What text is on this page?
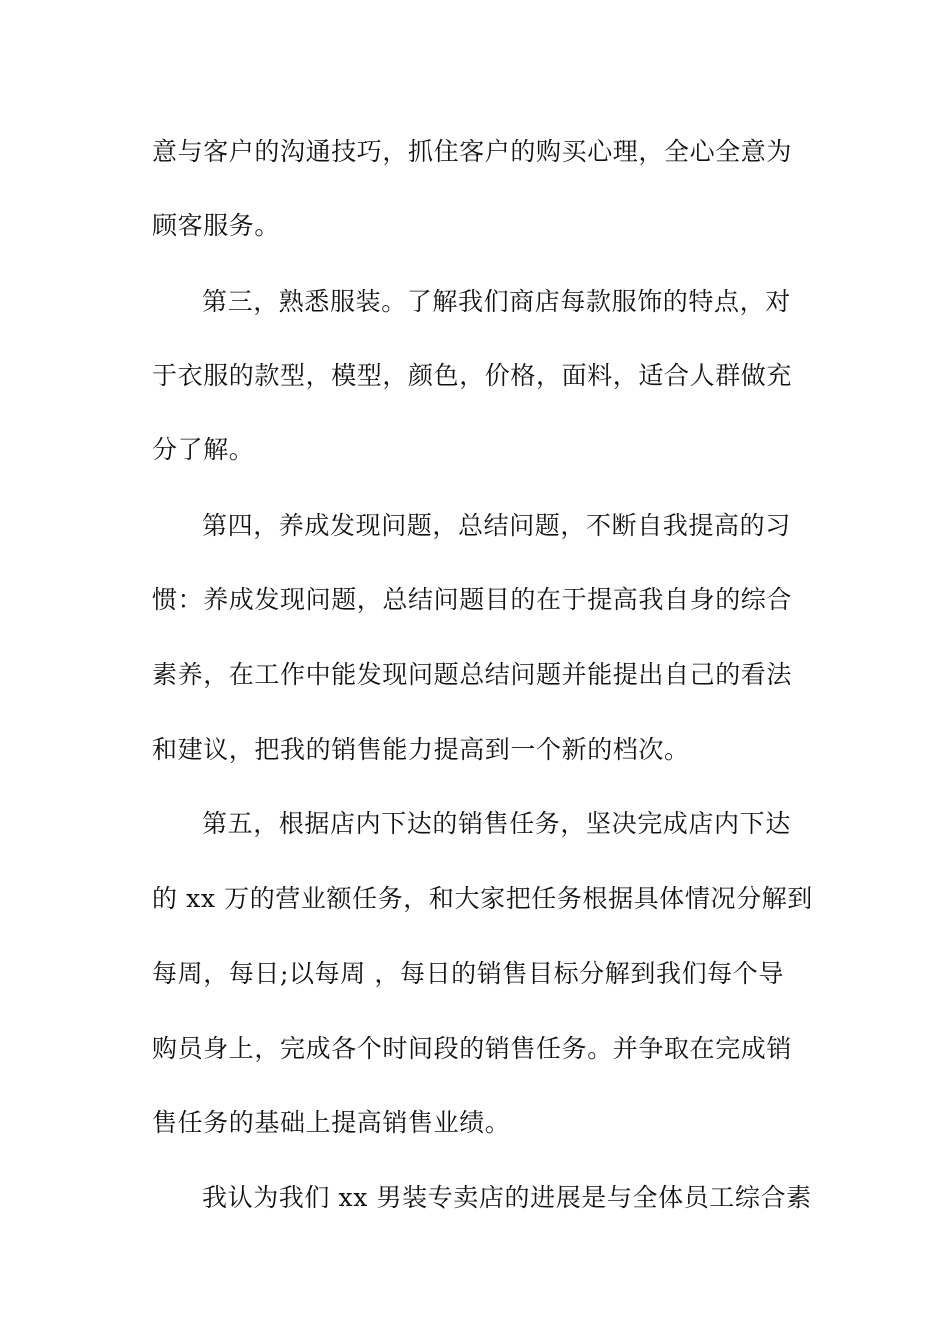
意与客户的沟通技巧，抓住客户的购买心理，全心全意为
顾客服务。
第三，熟悉服装。了解我们商店每款服饰的特点，对
于衣服的款型，模型，颜色，价格，面料，适合人群做充
分了解。
第四，养成发现问题，总结问题，不断自我提高的习
惯：养成发现问题，总结问题目的在于提高我自身的综合
素养，在工作中能发现问题总结问题并能提出自己的看法
和建议，把我的销售能力提高到一个新的档次。
第五，根据店内下达的销售任务，坚决完成店内下达
的 xx 万的营业额任务，和大家把任务根据具体情况分解到
每周，每日;以每周 ，每日的销售目标分解到我们每个导
购员身上，完成各个时间段的销售任务。并争取在完成销
售任务的基础上提高销售业绩。
我认为我们 xx 男装专卖店的进展是与全体员工综合素
